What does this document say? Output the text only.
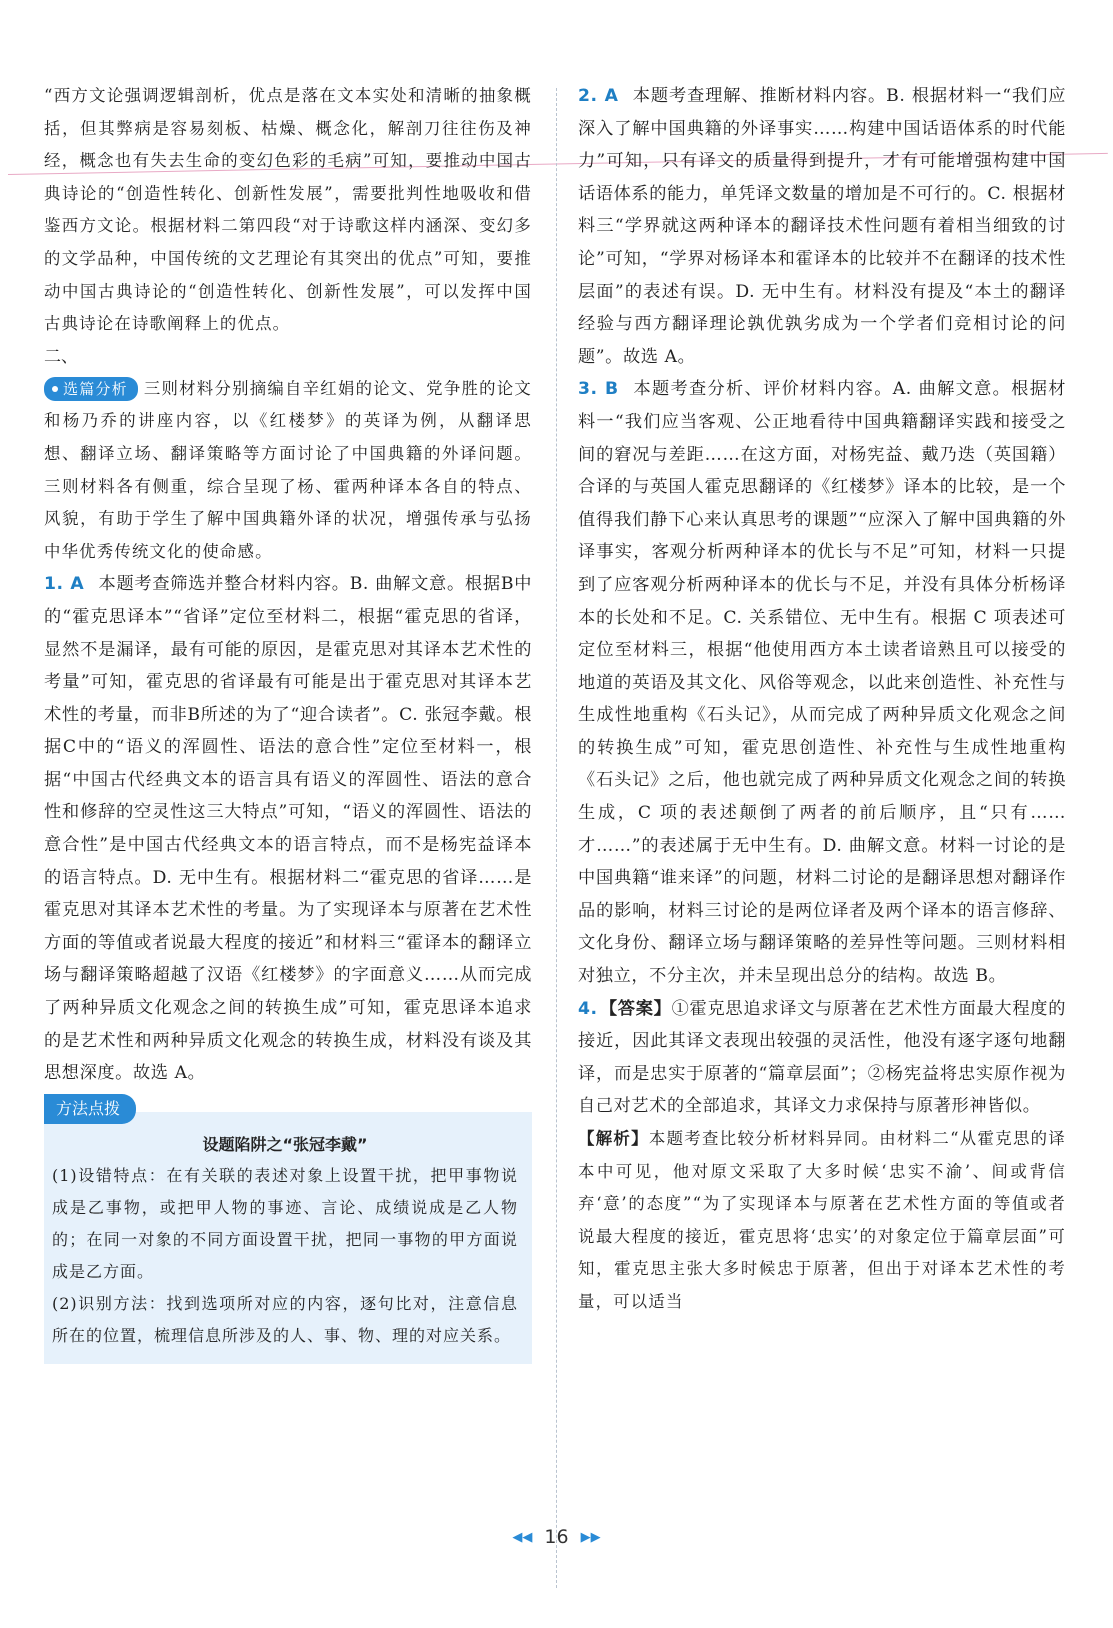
“西方文论强调逻辑剖析，优点是落在文本实处和清晰的抽象概括，但其弊病是容易刻板、枯燥、概念化，解剖刀往往伤及神经，概念也有失去生命的变幻色彩的毛病”可知，要推动中国古典诗论的“创造性转化、创新性发展”，需要批判性地吸收和借鉴西方文论。根据材料二第四段“对于诗歌这样内涵深、变幻多的文学品种，中国传统的文艺理论有其突出的优点”可知，要推动中国古典诗论的“创造性转化、创新性发展”，可以发挥中国古典诗论在诗歌阐释上的优点。

二、

选篇分析 三则材料分别摘编自辛红娟的论文、党争胜的论文和杨乃乔的讲座内容，以《红楼梦》的英译为例，从翻译思想、翻译立场、翻译策略等方面讨论了中国典籍的外译问题。三则材料各有侧重，综合呈现了杨、霍两种译本各自的特点、风貌，有助于学生了解中国典籍外译的状况，增强传承与弘扬中华优秀传统文化的使命感。

1. A 本题考查筛选并整合材料内容。B. 曲解文意。根据B中的“霍克思译本”“省译”定位至材料二，根据“霍克思的省译，显然不是漏译，最有可能的原因，是霍克思对其译本艺术性的考量”可知，霍克思的省译最有可能是出于霍克思对其译本艺术性的考量，而非B所述的为了“迎合读者”。C. 张冠李戴。根据C中的“语义的浑圆性、语法的意合性”定位至材料一，根据“中国古代经典文本的语言具有语义的浑圆性、语法的意合性和修辞的空灵性这三大特点”可知，“语义的浑圆性、语法的意合性”是中国古代经典文本的语言特点，而不是杨宪益译本的语言特点。D. 无中生有。根据材料二“霍克思的省译……是霍克思对其译本艺术性的考量。为了实现译本与原著在艺术性方面的等值或者说最大程度的接近”和材料三“霍译本的翻译立场与翻译策略超越了汉语《红楼梦》的字面意义……从而完成了两种异质文化观念之间的转换生成”可知，霍克思译本追求的是艺术性和两种异质文化观念的转换生成，材料没有谈及其思想深度。故选 A。

方法点拨
设题陷阱之“张冠李戴”

(1)设错特点：在有关联的表述对象上设置干扰，把甲事物说成是乙事物，或把甲人物的事迹、言论、成绩说成是乙人物的；在同一对象的不同方面设置干扰，把同一事物的甲方面说成是乙方面。

(2)识别方法：找到选项所对应的内容，逐句比对，注意信息所在的位置，梳理信息所涉及的人、事、物、理的对应关系。

2. A 本题考查理解、推断材料内容。B. 根据材料一“我们应深入了解中国典籍的外译事实……构建中国话语体系的时代能力”可知，只有译文的质量得到提升，才有可能增强构建中国话语体系的能力，单凭译文数量的增加是不可行的。C. 根据材料三“学界就这两种译本的翻译技术性问题有着相当细致的讨论”可知，“学界对杨译本和霍译本的比较并不在翻译的技术性层面”的表述有误。D. 无中生有。材料没有提及“本土的翻译经验与西方翻译理论孰优孰劣成为一个学者们竞相讨论的问题”。故选 A。

3. B 本题考查分析、评价材料内容。A. 曲解文意。根据材料一“我们应当客观、公正地看待中国典籍翻译实践和接受之间的窘况与差距……在这方面，对杨宪益、戴乃迭（英国籍）合译的与英国人霍克思翻译的《红楼梦》译本的比较，是一个值得我们静下心来认真思考的课题”“应深入了解中国典籍的外译事实，客观分析两种译本的优长与不足”可知，材料一只提到了应客观分析两种译本的优长与不足，并没有具体分析杨译本的长处和不足。C. 关系错位、无中生有。根据 C 项表述可定位至材料三，根据“他使用西方本土读者谙熟且可以接受的地道的英语及其文化、风俗等观念，以此来创造性、补充性与生成性地重构《石头记》，从而完成了两种异质文化观念之间的转换生成”可知，霍克思创造性、补充性与生成性地重构《石头记》之后，他也就完成了两种异质文化观念之间的转换生成，C 项的表述颠倒了两者的前后顺序，且“只有……才……”的表述属于无中生有。D. 曲解文意。材料一讨论的是中国典籍“谁来译”的问题，材料二讨论的是翻译思想对翻译作品的影响，材料三讨论的是两位译者及两个译本的语言修辞、文化身份、翻译立场与翻译策略的差异性等问题。三则材料相对独立，不分主次，并未呈现出总分的结构。故选 B。

4. 【答案】①霍克思追求译文与原著在艺术性方面最大程度的接近，因此其译文表现出较强的灵活性，他没有逐字逐句地翻译，而是忠实于原著的“篇章层面”；②杨宪益将忠实原作视为自己对艺术的全部追求，其译文力求保持与原著形神皆似。

【解析】本题考查比较分析材料异同。由材料二“从霍克思的译本中可见，他对原文采取了大多时候‘忠实不渝’、间或背信弃‘意’的态度”“为了实现译本与原著在艺术性方面的等值或者说最大程度的接近，霍克思将‘忠实’的对象定位于篇章层面”可知，霍克思主张大多时候忠于原著，但出于对译本艺术性的考量，可以适当

◀◀ 16 ▶▶
